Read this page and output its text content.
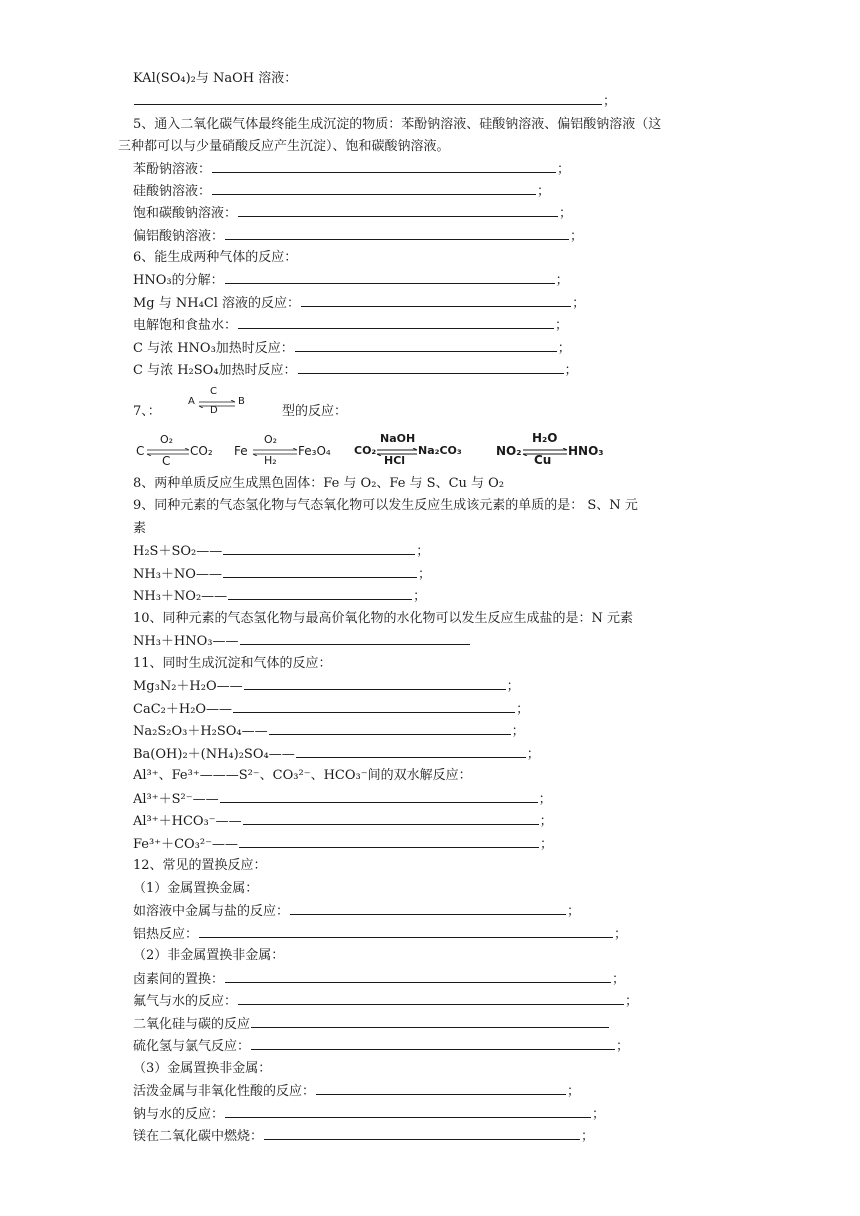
KAl(SO₄)₂与 NaOH 溶液：
；
5、通入二氧化碳气体最终能生成沉淀的物质：苯酚钠溶液、硅酸钠溶液、偏铝酸钠溶液（这
三种都可以与少量硝酸反应产生沉淀）、饱和碳酸钠溶液。
苯酚钠溶液：	；
硅酸钠溶液：	；
饱和碳酸钠溶液：	；
偏铝酸钠溶液：	；
6、能生成两种气体的反应：
HNO₃的分解：	；
Mg 与 NH₄Cl 溶液的反应：	；
电解饱和食盐水：	；
C 与浓 HNO₃加热时反应：	；
C 与浓 H₂SO₄加热时反应：	；
7、：
A
C
D
B
型的反应：
C
O₂
C
CO₂ Fe
O₂
H₂
Fe₃O₄ CO₂
NaOH
HCl
Na₂CO₃	NO₂
H₂O
Cu
HNO₃
8、两种单质反应生成黑色固体：Fe 与 O₂、Fe 与 S、Cu 与 O₂
9、同种元素的气态氢化物与气态氧化物可以发生反应生成该元素的单质的是： S、N 元
素
H₂S＋SO₂——	；
NH₃＋NO——	；
NH₃＋NO₂——	；
10、同种元素的气态氢化物与最高价氧化物的水化物可以发生反应生成盐的是：N 元素
NH₃＋HNO₃——
11、同时生成沉淀和气体的反应：
Mg₃N₂＋H₂O——	；
CaC₂＋H₂O——	；
Na₂S₂O₃＋H₂SO₄——	；
Ba(OH)₂＋(NH₄)₂SO₄——	；
Al³⁺、Fe³⁺———S²⁻、CO₃²⁻、HCO₃⁻间的双水解反应：
Al³⁺＋S²⁻——	；
Al³⁺＋HCO₃⁻——	；
Fe³⁺＋CO₃²⁻——	；
12、常见的置换反应：
（1）金属置换金属：
如溶液中金属与盐的反应：	；
铝热反应：	；
（2）非金属置换非金属：
卤素间的置换：	；
氟气与水的反应：	；
二氧化硅与碳的反应
硫化氢与氯气反应：	；
（3）金属置换非金属：
活泼金属与非氧化性酸的反应：	；
钠与水的反应：	；
镁在二氧化碳中燃烧：	；
